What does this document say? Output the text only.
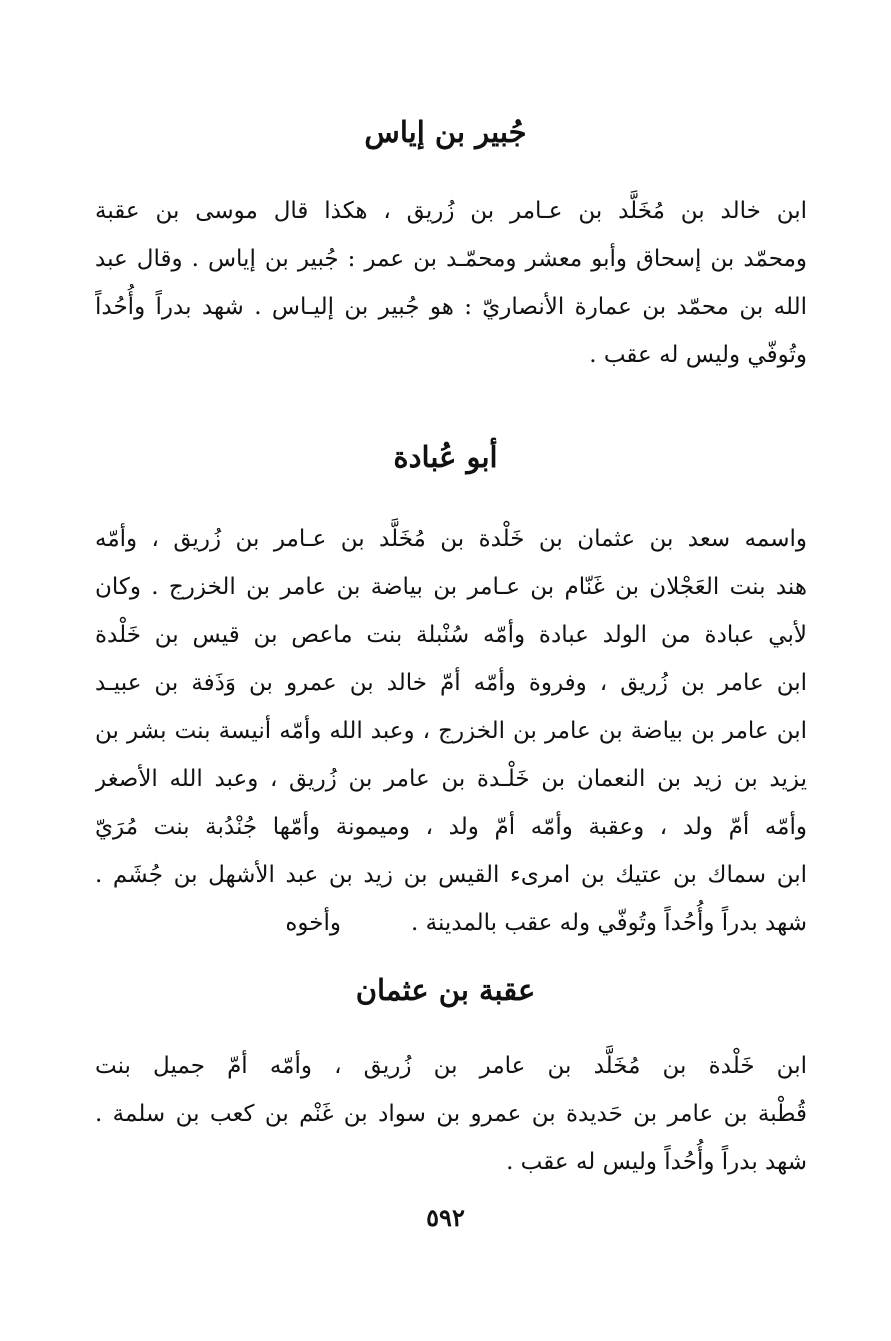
جُبير بن إياس
ابن خالد بن مُخَلَّد بن عـامر بن زُريق ، هكذا قال موسى بن عقبة
ومحمّد بن إسحاق وأبو معشر ومحمّـد بن عمر : جُبير بن إياس . وقال عبد
الله بن محمّد بن عمارة الأنصاريّ : هو جُبير بن إليـاس . شهد بدراً وأُحُداً
وتُوفّي وليس له عقب .
أبو عُبادة
واسمه سعد بن عثمان بن خَلْدة بن مُخَلَّد بن عـامر بن زُريق ، وأمّه
هند بنت العَجْلان بن غَنّام بن عـامر بن بياضة بن عامر بن الخزرج . وكان
لأبي عبادة من الولد عبادة وأمّه سُنْبلة بنت ماعص بن قيس بن خَلْدة
ابن عامر بن زُريق ، وفروة وأمّه أمّ خالد بن عمرو بن وَذَفة بن عبيـد
ابن عامر بن بياضة بن عامر بن الخزرج ، وعبد الله وأمّه أنيسة بنت بشر بن
يزيد بن زيد بن النعمان بن خَلْـدة بن عامر بن زُريق ، وعبد الله الأصغر
وأمّه أمّ ولد ، وعقبة وأمّه أمّ ولد ، وميمونة وأمّها جُنْدُبة بنت مُرَيّ
ابن سماك بن عتيك بن امرىء القيس بن زيد بن عبد الأشهل بن جُشَم .
شهد بدراً وأُحُداً وتُوفّي وله عقب بالمدينة .
وأخوه
عقبة بن عثمان
ابن خَلْدة بن مُخَلَّد بن عامر بن زُريق ، وأمّه أمّ جميل بنت
قُطْبة بن عامر بن حَديدة بن عمرو بن سواد بن غَنْم بن كعب بن سلمة .
شهد بدراً وأُحُداً وليس له عقب .
٥٩٢
